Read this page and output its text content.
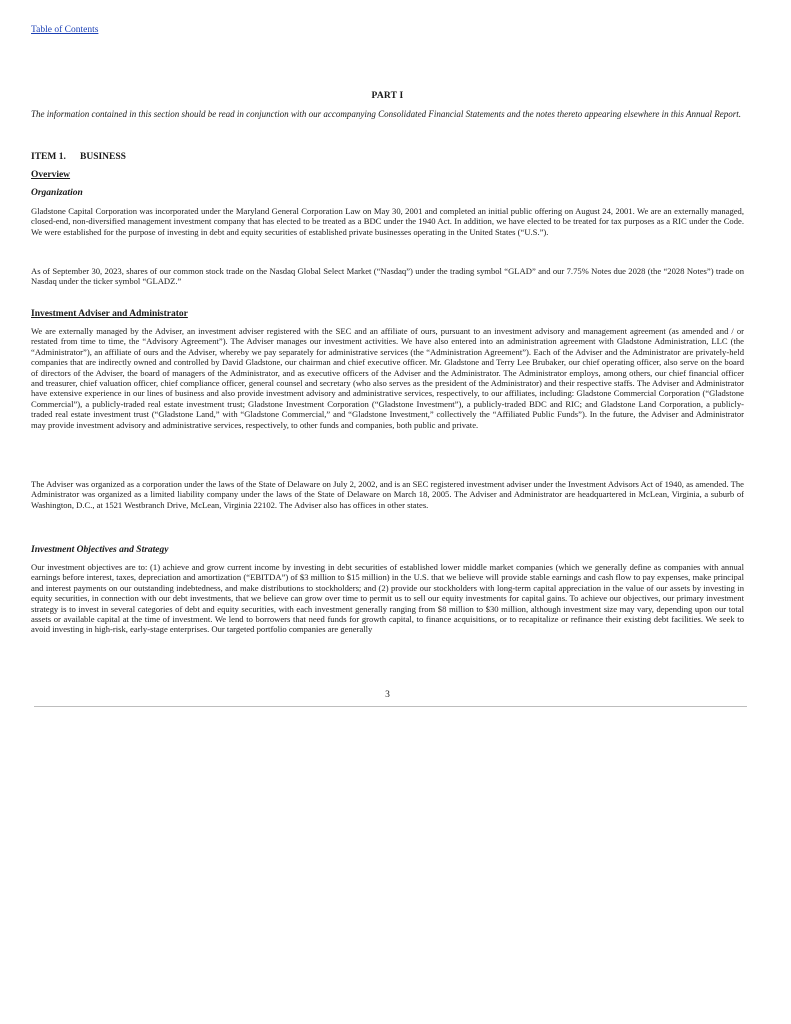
Table of Contents
PART I
The information contained in this section should be read in conjunction with our accompanying Consolidated Financial Statements and the notes thereto appearing elsewhere in this Annual Report.
ITEM 1. BUSINESS
Overview
Organization
Gladstone Capital Corporation was incorporated under the Maryland General Corporation Law on May 30, 2001 and completed an initial public offering on August 24, 2001. We are an externally managed, closed-end, non-diversified management investment company that has elected to be treated as a BDC under the 1940 Act. In addition, we have elected to be treated for tax purposes as a RIC under the Code. We were established for the purpose of investing in debt and equity securities of established private businesses operating in the United States (“U.S.”).
As of September 30, 2023, shares of our common stock trade on the Nasdaq Global Select Market (“Nasdaq”) under the trading symbol “GLAD” and our 7.75% Notes due 2028 (the “2028 Notes”) trade on Nasdaq under the ticker symbol “GLADZ.”
Investment Adviser and Administrator
We are externally managed by the Adviser, an investment adviser registered with the SEC and an affiliate of ours, pursuant to an investment advisory and management agreement (as amended and / or restated from time to time, the “Advisory Agreement”). The Adviser manages our investment activities. We have also entered into an administration agreement with Gladstone Administration, LLC (the “Administrator”), an affiliate of ours and the Adviser, whereby we pay separately for administrative services (the “Administration Agreement”). Each of the Adviser and the Administrator are privately-held companies that are indirectly owned and controlled by David Gladstone, our chairman and chief executive officer. Mr. Gladstone and Terry Lee Brubaker, our chief operating officer, also serve on the board of directors of the Adviser, the board of managers of the Administrator, and as executive officers of the Adviser and the Administrator. The Administrator employs, among others, our chief financial officer and treasurer, chief valuation officer, chief compliance officer, general counsel and secretary (who also serves as the president of the Administrator) and their respective staffs. The Adviser and Administrator have extensive experience in our lines of business and also provide investment advisory and administrative services, respectively, to our affiliates, including: Gladstone Commercial Corporation (“Gladstone Commercial”), a publicly-traded real estate investment trust; Gladstone Investment Corporation (“Gladstone Investment”), a publicly-traded BDC and RIC; and Gladstone Land Corporation, a publicly-traded real estate investment trust (“Gladstone Land,” with “Gladstone Commercial,” and “Gladstone Investment,” collectively the “Affiliated Public Funds”). In the future, the Adviser and Administrator may provide investment advisory and administrative services, respectively, to other funds and companies, both public and private.
The Adviser was organized as a corporation under the laws of the State of Delaware on July 2, 2002, and is an SEC registered investment adviser under the Investment Advisors Act of 1940, as amended. The Administrator was organized as a limited liability company under the laws of the State of Delaware on March 18, 2005. The Adviser and Administrator are headquartered in McLean, Virginia, a suburb of Washington, D.C., at 1521 Westbranch Drive, McLean, Virginia 22102. The Adviser also has offices in other states.
Investment Objectives and Strategy
Our investment objectives are to: (1) achieve and grow current income by investing in debt securities of established lower middle market companies (which we generally define as companies with annual earnings before interest, taxes, depreciation and amortization (“EBITDA”) of $3 million to $15 million) in the U.S. that we believe will provide stable earnings and cash flow to pay expenses, make principal and interest payments on our outstanding indebtedness, and make distributions to stockholders; and (2) provide our stockholders with long-term capital appreciation in the value of our assets by investing in equity securities, in connection with our debt investments, that we believe can grow over time to permit us to sell our equity investments for capital gains. To achieve our objectives, our primary investment strategy is to invest in several categories of debt and equity securities, with each investment generally ranging from $8 million to $30 million, although investment size may vary, depending upon our total assets or available capital at the time of investment. We lend to borrowers that need funds for growth capital, to finance acquisitions, or to recapitalize or refinance their existing debt facilities. We seek to avoid investing in high-risk, early-stage enterprises. Our targeted portfolio companies are generally
3
